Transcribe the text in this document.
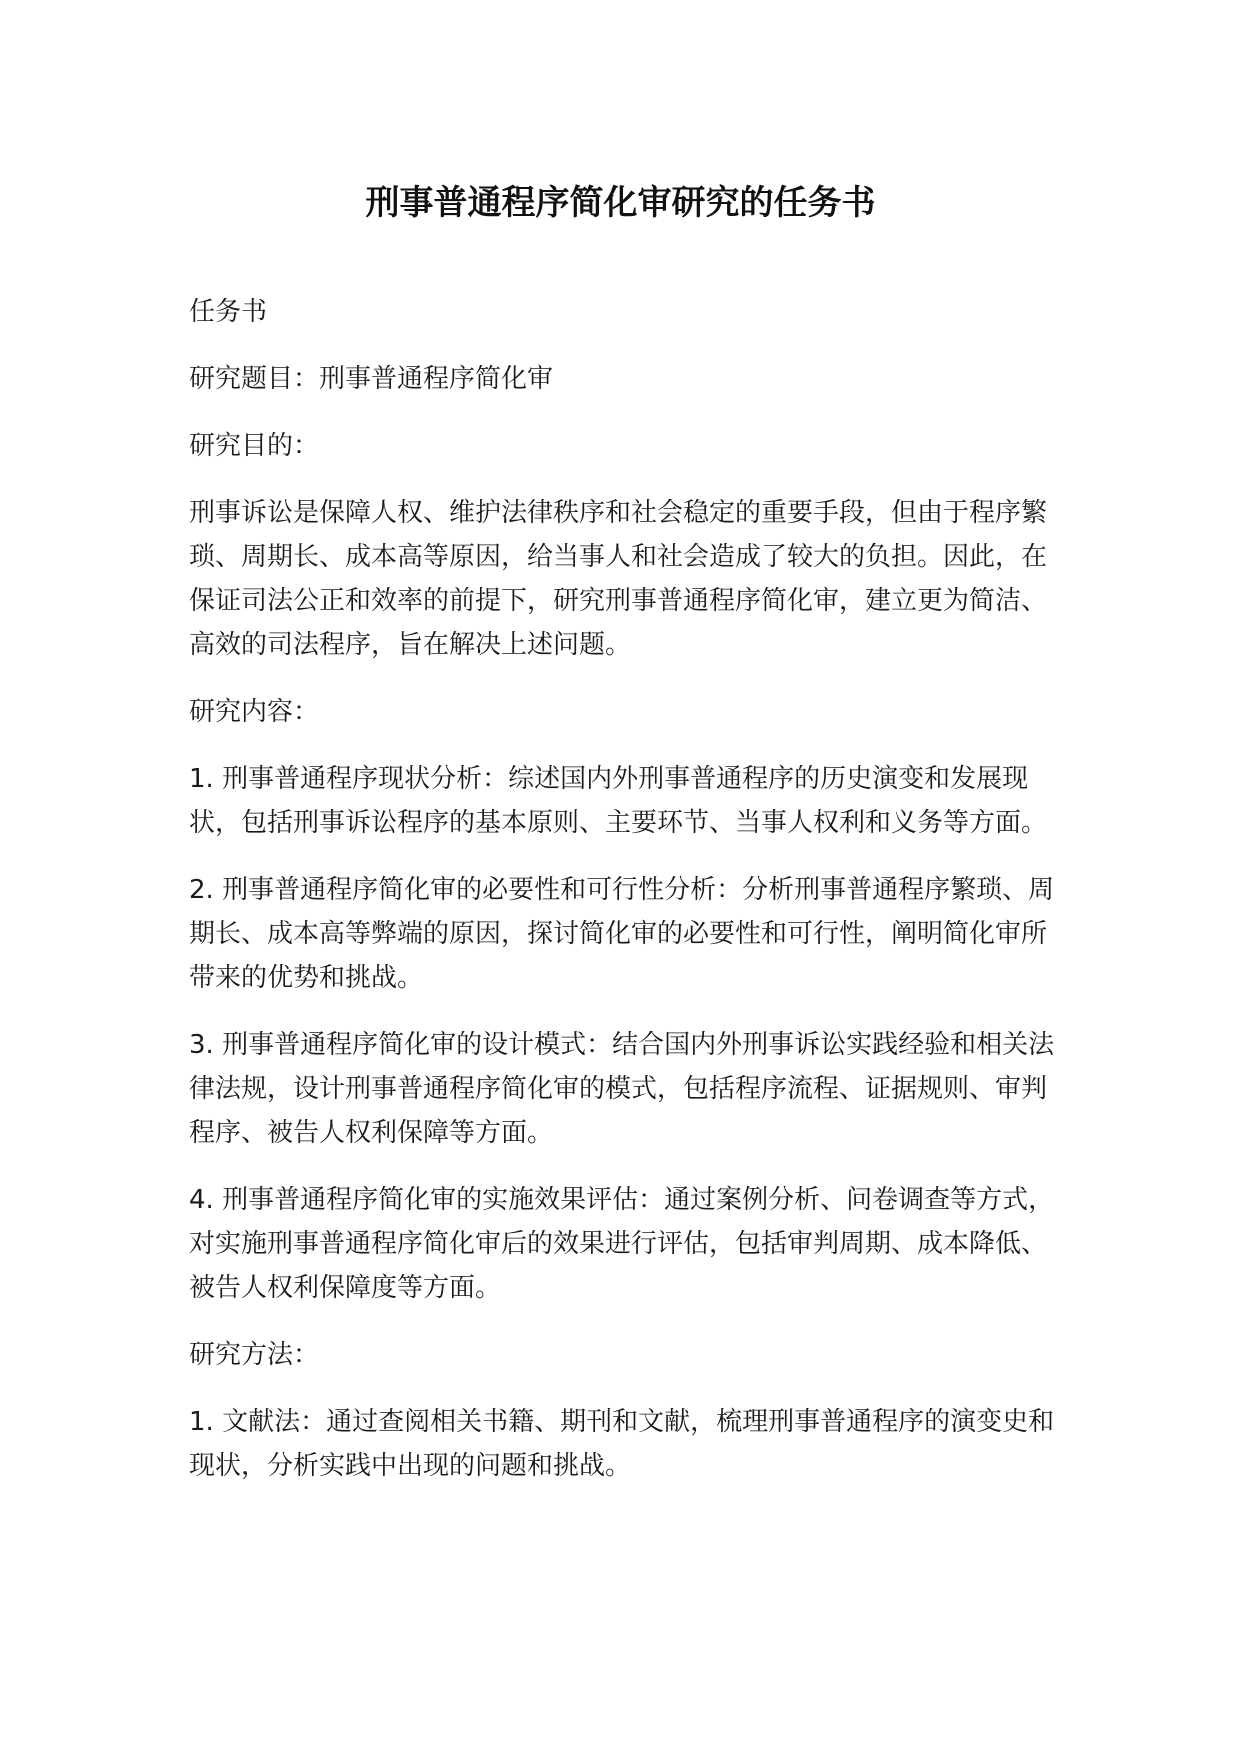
刑事普通程序简化审研究的任务书

任务书

研究题目：刑事普通程序简化审

研究目的：

刑事诉讼是保障人权、维护法律秩序和社会稳定的重要手段，但由于程序繁琐、周期长、成本高等原因，给当事人和社会造成了较大的负担。因此，在保证司法公正和效率的前提下，研究刑事普通程序简化审，建立更为简洁、高效的司法程序，旨在解决上述问题。

研究内容：

1. 刑事普通程序现状分析：综述国内外刑事普通程序的历史演变和发展现状，包括刑事诉讼程序的基本原则、主要环节、当事人权利和义务等方面。

2. 刑事普通程序简化审的必要性和可行性分析：分析刑事普通程序繁琐、周期长、成本高等弊端的原因，探讨简化审的必要性和可行性，阐明简化审所带来的优势和挑战。

3. 刑事普通程序简化审的设计模式：结合国内外刑事诉讼实践经验和相关法律法规，设计刑事普通程序简化审的模式，包括程序流程、证据规则、审判程序、被告人权利保障等方面。

4. 刑事普通程序简化审的实施效果评估：通过案例分析、问卷调查等方式，对实施刑事普通程序简化审后的效果进行评估，包括审判周期、成本降低、被告人权利保障度等方面。

研究方法：

1. 文献法：通过查阅相关书籍、期刊和文献，梳理刑事普通程序的演变史和现状，分析实践中出现的问题和挑战。
